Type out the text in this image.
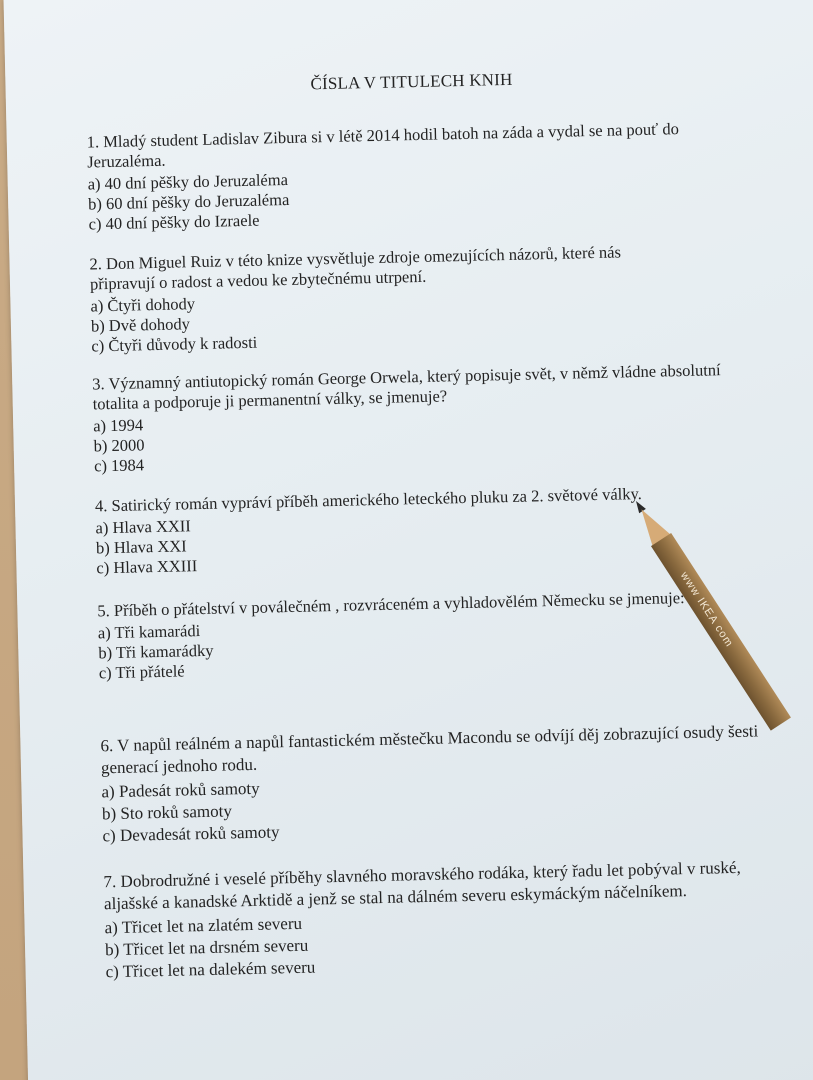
ČÍSLA V TITULECH KNIH

1. Mladý student Ladislav Zibura si v létě 2014 hodil batoh na záda a vydal se na pouť do Jeruzaléma.

a) 40 dní pěšky do Jeruzaléma

b) 60 dní pěšky do Jeruzaléma

c) 40 dní pěšky do Izraele

2. Don Miguel Ruiz v této knize vysvětluje zdroje omezujících názorů, které nás připravují o radost a vedou ke zbytečnému utrpení.

a) Čtyři dohody

b) Dvě dohody

c) Čtyři důvody k radosti

3. Významný antiutopický román George Orwela, který popisuje svět, v němž vládne absolutní totalita a podporuje ji permanentní války, se jmenuje?

a) 1994

b) 2000

c) 1984

4. Satirický román vypráví příběh amerického leteckého pluku za 2. světové války.

a) Hlava XXII

b) Hlava XXI

c) Hlava XXIII

5. Příběh o přátelství v poválečném , rozvráceném a vyhladovělém Německu se jmenuje:

a) Tři kamarádi

b) Tři kamarádky

c) Tři přátelé

6. V napůl reálném a napůl fantastickém městečku Macondu se odvíjí děj zobrazující osudy šesti generací jednoho rodu.

a) Padesát roků samoty

b) Sto roků samoty

c) Devadesát roků samoty

7. Dobrodružné i veselé příběhy slavného moravského rodáka, který řadu let pobýval v ruské, aljašské a kanadské Arktidě a jenž se stal na dálném severu eskymáckým náčelníkem.

a) Třicet let na zlatém severu

b) Třicet let na drsném severu

c) Třicet let na dalekém severu

www IKEA com
